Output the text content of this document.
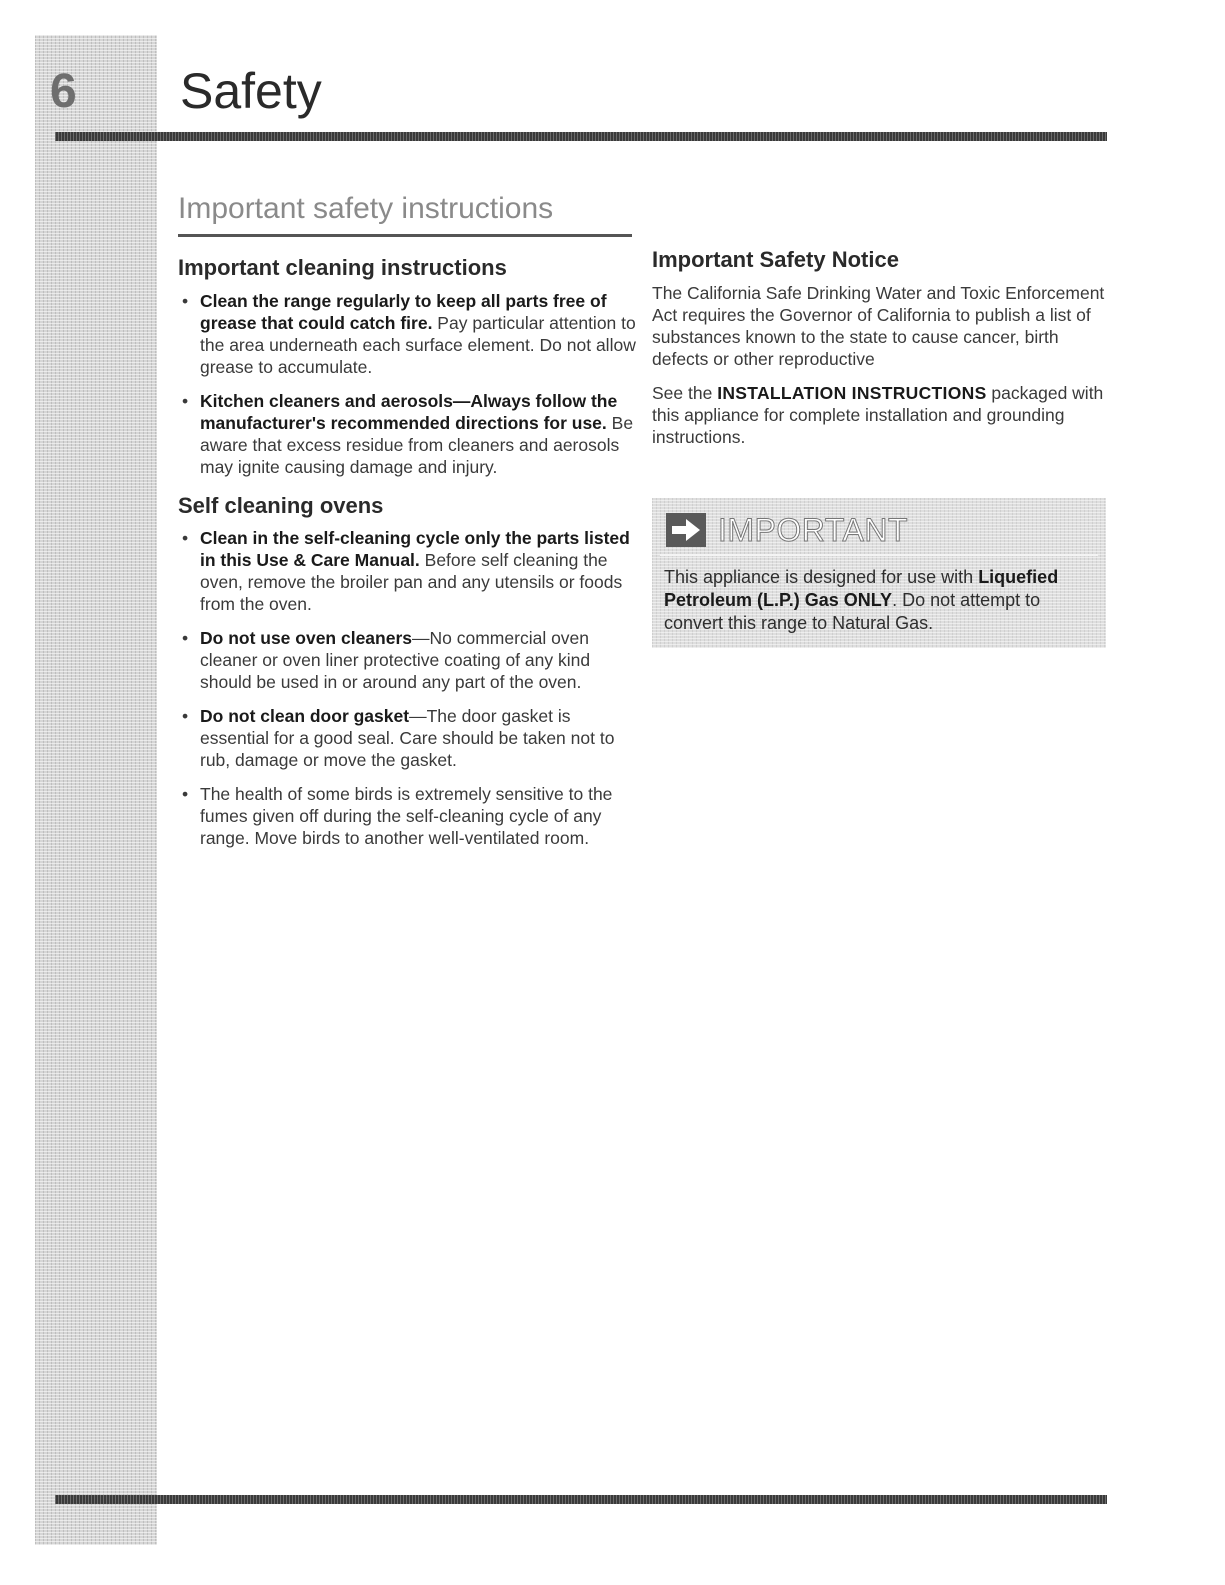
6 Safety
Important safety instructions
Important cleaning instructions
• Clean the range regularly to keep all parts free of grease that could catch fire. Pay particular attention to the area underneath each surface element. Do not allow grease to accumulate.
• Kitchen cleaners and aerosols—Always follow the manufacturer's recommended directions for use. Be aware that excess residue from cleaners and aerosols may ignite causing damage and injury.
Self cleaning ovens
• Clean in the self-cleaning cycle only the parts listed in this Use & Care Manual. Before self cleaning the oven, remove the broiler pan and any utensils or foods from the oven.
• Do not use oven cleaners—No commercial oven cleaner or oven liner protective coating of any kind should be used in or around any part of the oven.
• Do not clean door gasket—The door gasket is essential for a good seal. Care should be taken not to rub, damage or move the gasket.
• The health of some birds is extremely sensitive to the fumes given off during the self-cleaning cycle of any range. Move birds to another well-ventilated room.
Important Safety Notice

The California Safe Drinking Water and Toxic Enforcement Act requires the Governor of California to publish a list of substances known to the state to cause cancer, birth defects or other reproductive

See the INSTALLATION INSTRUCTIONS packaged with this appliance for complete installation and grounding instructions.

IMPORTANT
This appliance is designed for use with Liquefied Petroleum (L.P.) Gas ONLY. Do not attempt to convert this range to Natural Gas.
